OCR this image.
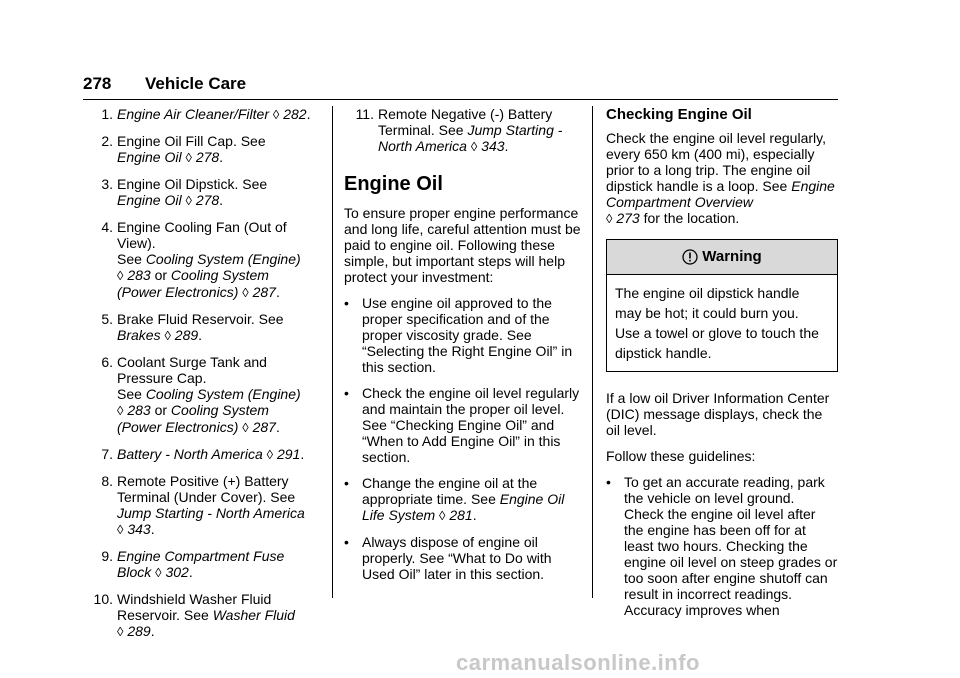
278 Vehicle Care
1. Engine Air Cleaner/Filter ◊ 282.
2. Engine Oil Fill Cap. See
Engine Oil ◊ 278.
3. Engine Oil Dipstick. See
Engine Oil ◊ 278.
4. Engine Cooling Fan (Out of
View).
See Cooling System (Engine)
◊ 283 or Cooling System
(Power Electronics) ◊ 287.
5. Brake Fluid Reservoir. See
Brakes ◊ 289.
6. Coolant Surge Tank and
Pressure Cap.
See Cooling System (Engine)
◊ 283 or Cooling System
(Power Electronics) ◊ 287.
7. Battery - North America ◊ 291.
8. Remote Positive (+) Battery
Terminal (Under Cover). See
Jump Starting - North America
◊ 343.
9. Engine Compartment Fuse
Block ◊ 302.
10. Windshield Washer Fluid
Reservoir. See Washer Fluid
◊ 289.
11. Remote Negative (-) Battery
Terminal. See Jump Starting -
North America ◊ 343.
Engine Oil

To ensure proper engine performance and long life, careful attention must be paid to engine oil. Following these simple, but important steps will help protect your investment:

• Use engine oil approved to the proper specification and of the proper viscosity grade. See “Selecting the Right Engine Oil” in this section.
• Check the engine oil level regularly and maintain the proper oil level. See “Checking Engine Oil” and “When to Add Engine Oil” in this section.
• Change the engine oil at the appropriate time. See Engine Oil Life System ◊ 281.
• Always dispose of engine oil properly. See “What to Do with Used Oil” later in this section.
Checking Engine Oil

Check the engine oil level regularly, every 650 km (400 mi), especially prior to a long trip. The engine oil dipstick handle is a loop. See Engine Compartment Overview
◊ 273 for the location.

Warning
The engine oil dipstick handle
may be hot; it could burn you.
Use a towel or glove to touch the
dipstick handle.

If a low oil Driver Information Center (DIC) message displays, check the oil level.

Follow these guidelines:

• To get an accurate reading, park the vehicle on level ground. Check the engine oil level after the engine has been off for at least two hours. Checking the engine oil level on steep grades or too soon after engine shutoff can result in incorrect readings. Accuracy improves when
carmanualsonline.info
